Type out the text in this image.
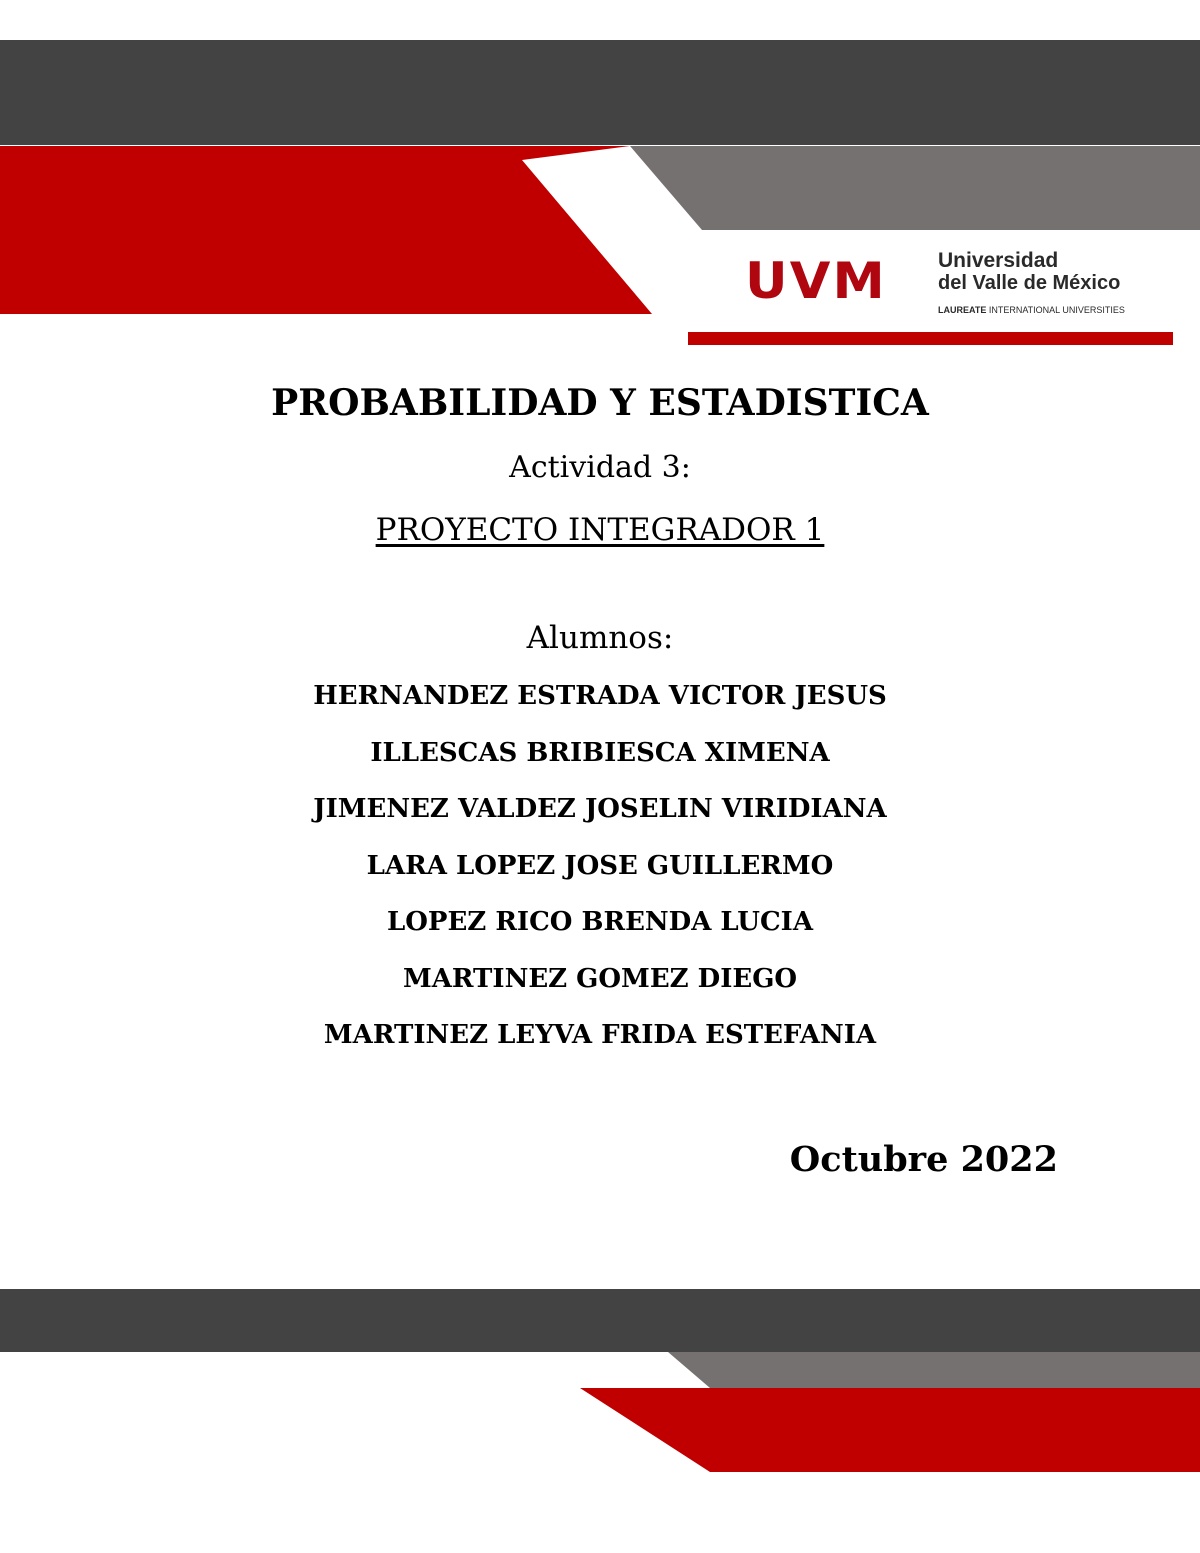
UVM Universidad
del Valle de México
LAUREATE INTERNATIONAL UNIVERSITIES
PROBABILIDAD Y ESTADISTICA
Actividad 3:
PROYECTO INTEGRADOR 1
Alumnos:
HERNANDEZ ESTRADA VICTOR JESUS
ILLESCAS BRIBIESCA XIMENA
JIMENEZ VALDEZ JOSELIN VIRIDIANA
LARA LOPEZ JOSE GUILLERMO
LOPEZ RICO BRENDA LUCIA
MARTINEZ GOMEZ DIEGO
MARTINEZ LEYVA FRIDA ESTEFANIA
Octubre 2022
